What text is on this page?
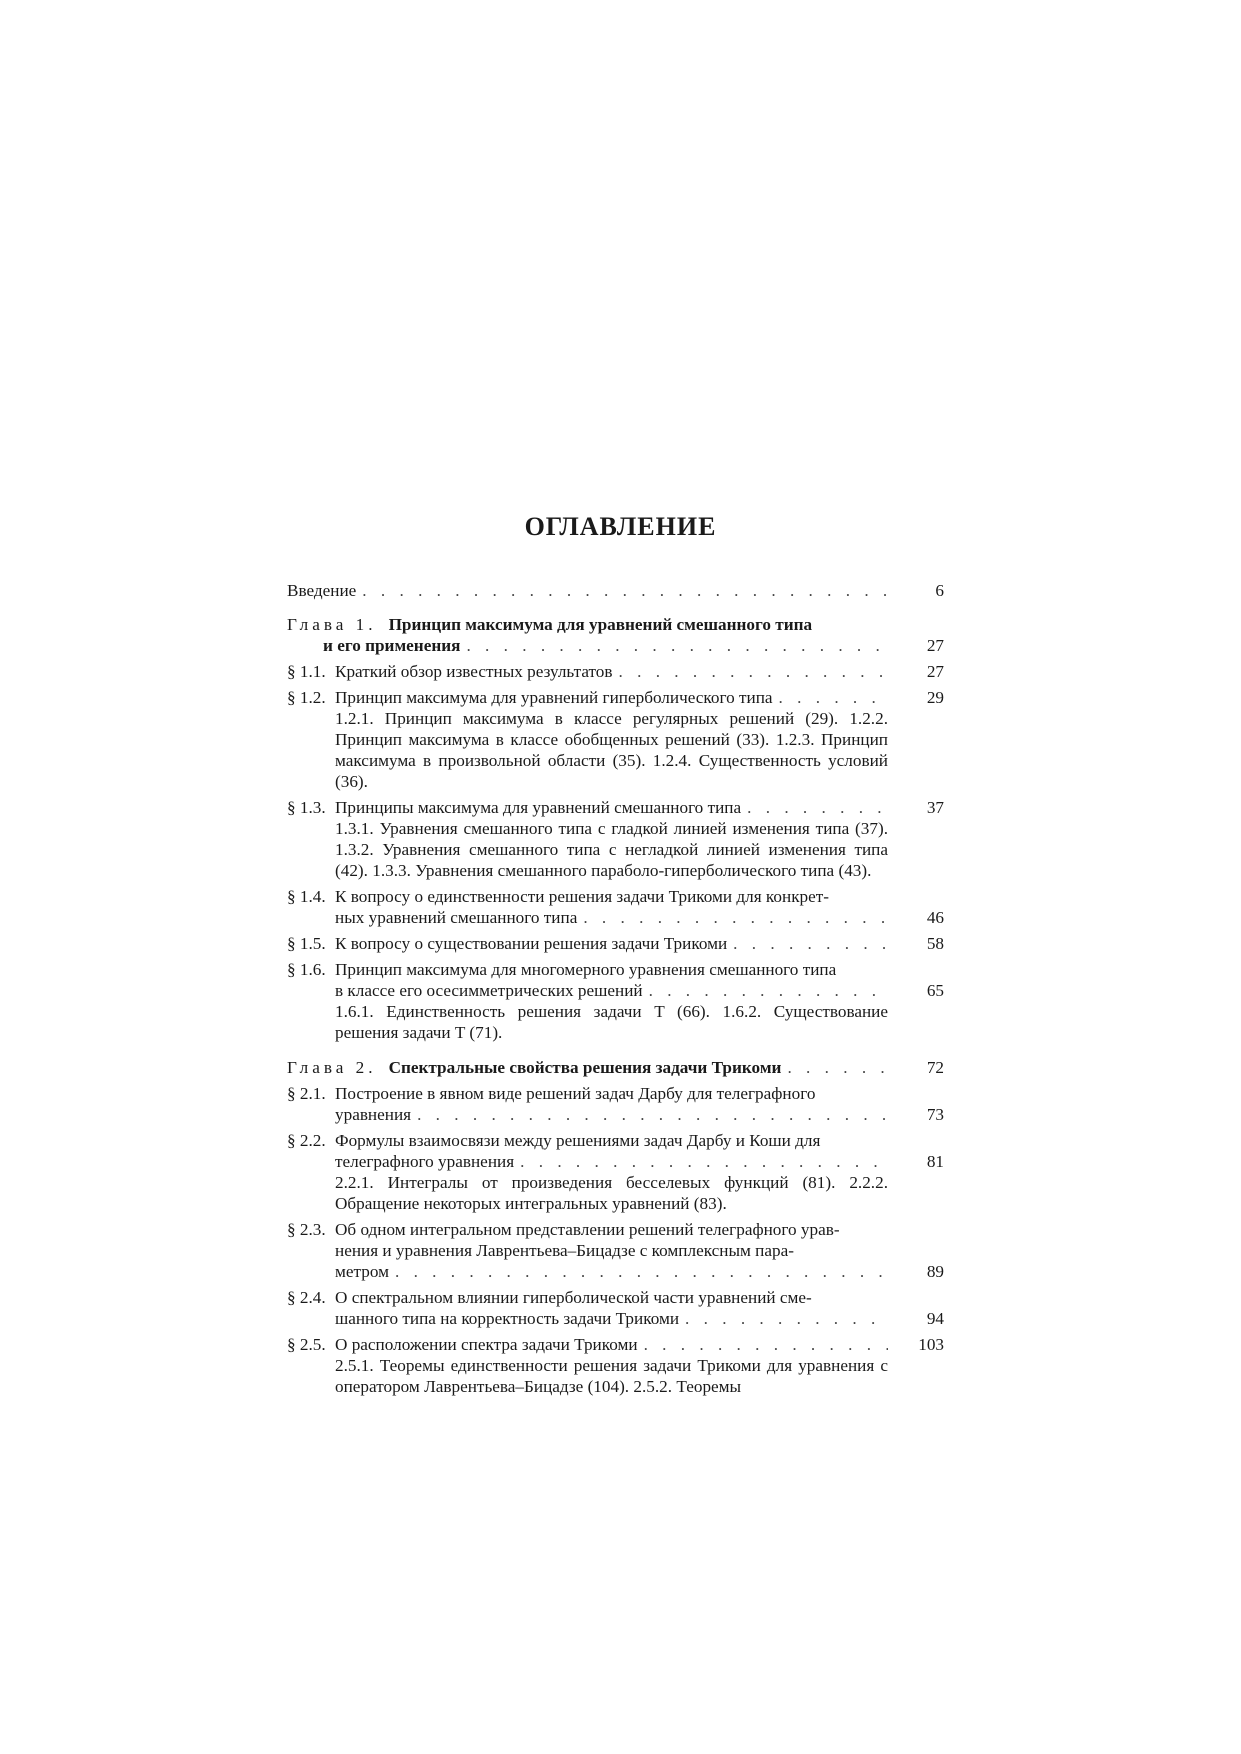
ОГЛАВЛЕНИЕ
Введение . . .	6
Глава 1. Принцип максимума для уравнений смешанного типа
и его применения . . .	27
§ 1.1. Краткий обзор известных результатов . . .	27
§ 1.2. Принцип максимума для уравнений гиперболического типа . . .	29
1.2.1. Принцип максимума в классе регулярных решений (29). 1.2.2. Принцип максимума в классе обобщенных решений (33). 1.2.3. Принцип максимума в произвольной области (35). 1.2.4. Существенность условий (36).
§ 1.3. Принципы максимума для уравнений смешанного типа . . .	37
1.3.1. Уравнения смешанного типа с гладкой линией изменения типа (37). 1.3.2. Уравнения смешанного типа с негладкой линией изменения типа (42). 1.3.3. Уравнения смешанного параболо-гиперболического типа (43).
§ 1.4. К вопросу о единственности решения задачи Трикоми для конкрет-
ных уравнений смешанного типа . . .	46
§ 1.5. К вопросу о существовании решения задачи Трикоми . . .	58
§ 1.6. Принцип максимума для многомерного уравнения смешанного типа
в классе его осесимметрических решений . . .	65
1.6.1. Единственность решения задачи T (66). 1.6.2. Существование решения задачи T (71).
Глава 2. Спектральные свойства решения задачи Трикоми . . .	72
§ 2.1. Построение в явном виде решений задач Дарбу для телеграфного
уравнения . . .	73
§ 2.2. Формулы взаимосвязи между решениями задач Дарбу и Коши для
телеграфного уравнения . . .	81
2.2.1. Интегралы от произведения бесселевых функций (81). 2.2.2. Обращение некоторых интегральных уравнений (83).
§ 2.3. Об одном интегральном представлении решений телеграфного урав-
нения и уравнения Лаврентьева–Бицадзе с комплексным пара-
метром . . .	89
§ 2.4. О спектральном влиянии гиперболической части уравнений сме-
шанного типа на корректность задачи Трикоми . . .	94
§ 2.5. О расположении спектра задачи Трикоми . . .	103
2.5.1. Теоремы единственности решения задачи Трикоми для уравнения с оператором Лаврентьева–Бицадзе (104). 2.5.2. Теоремы
